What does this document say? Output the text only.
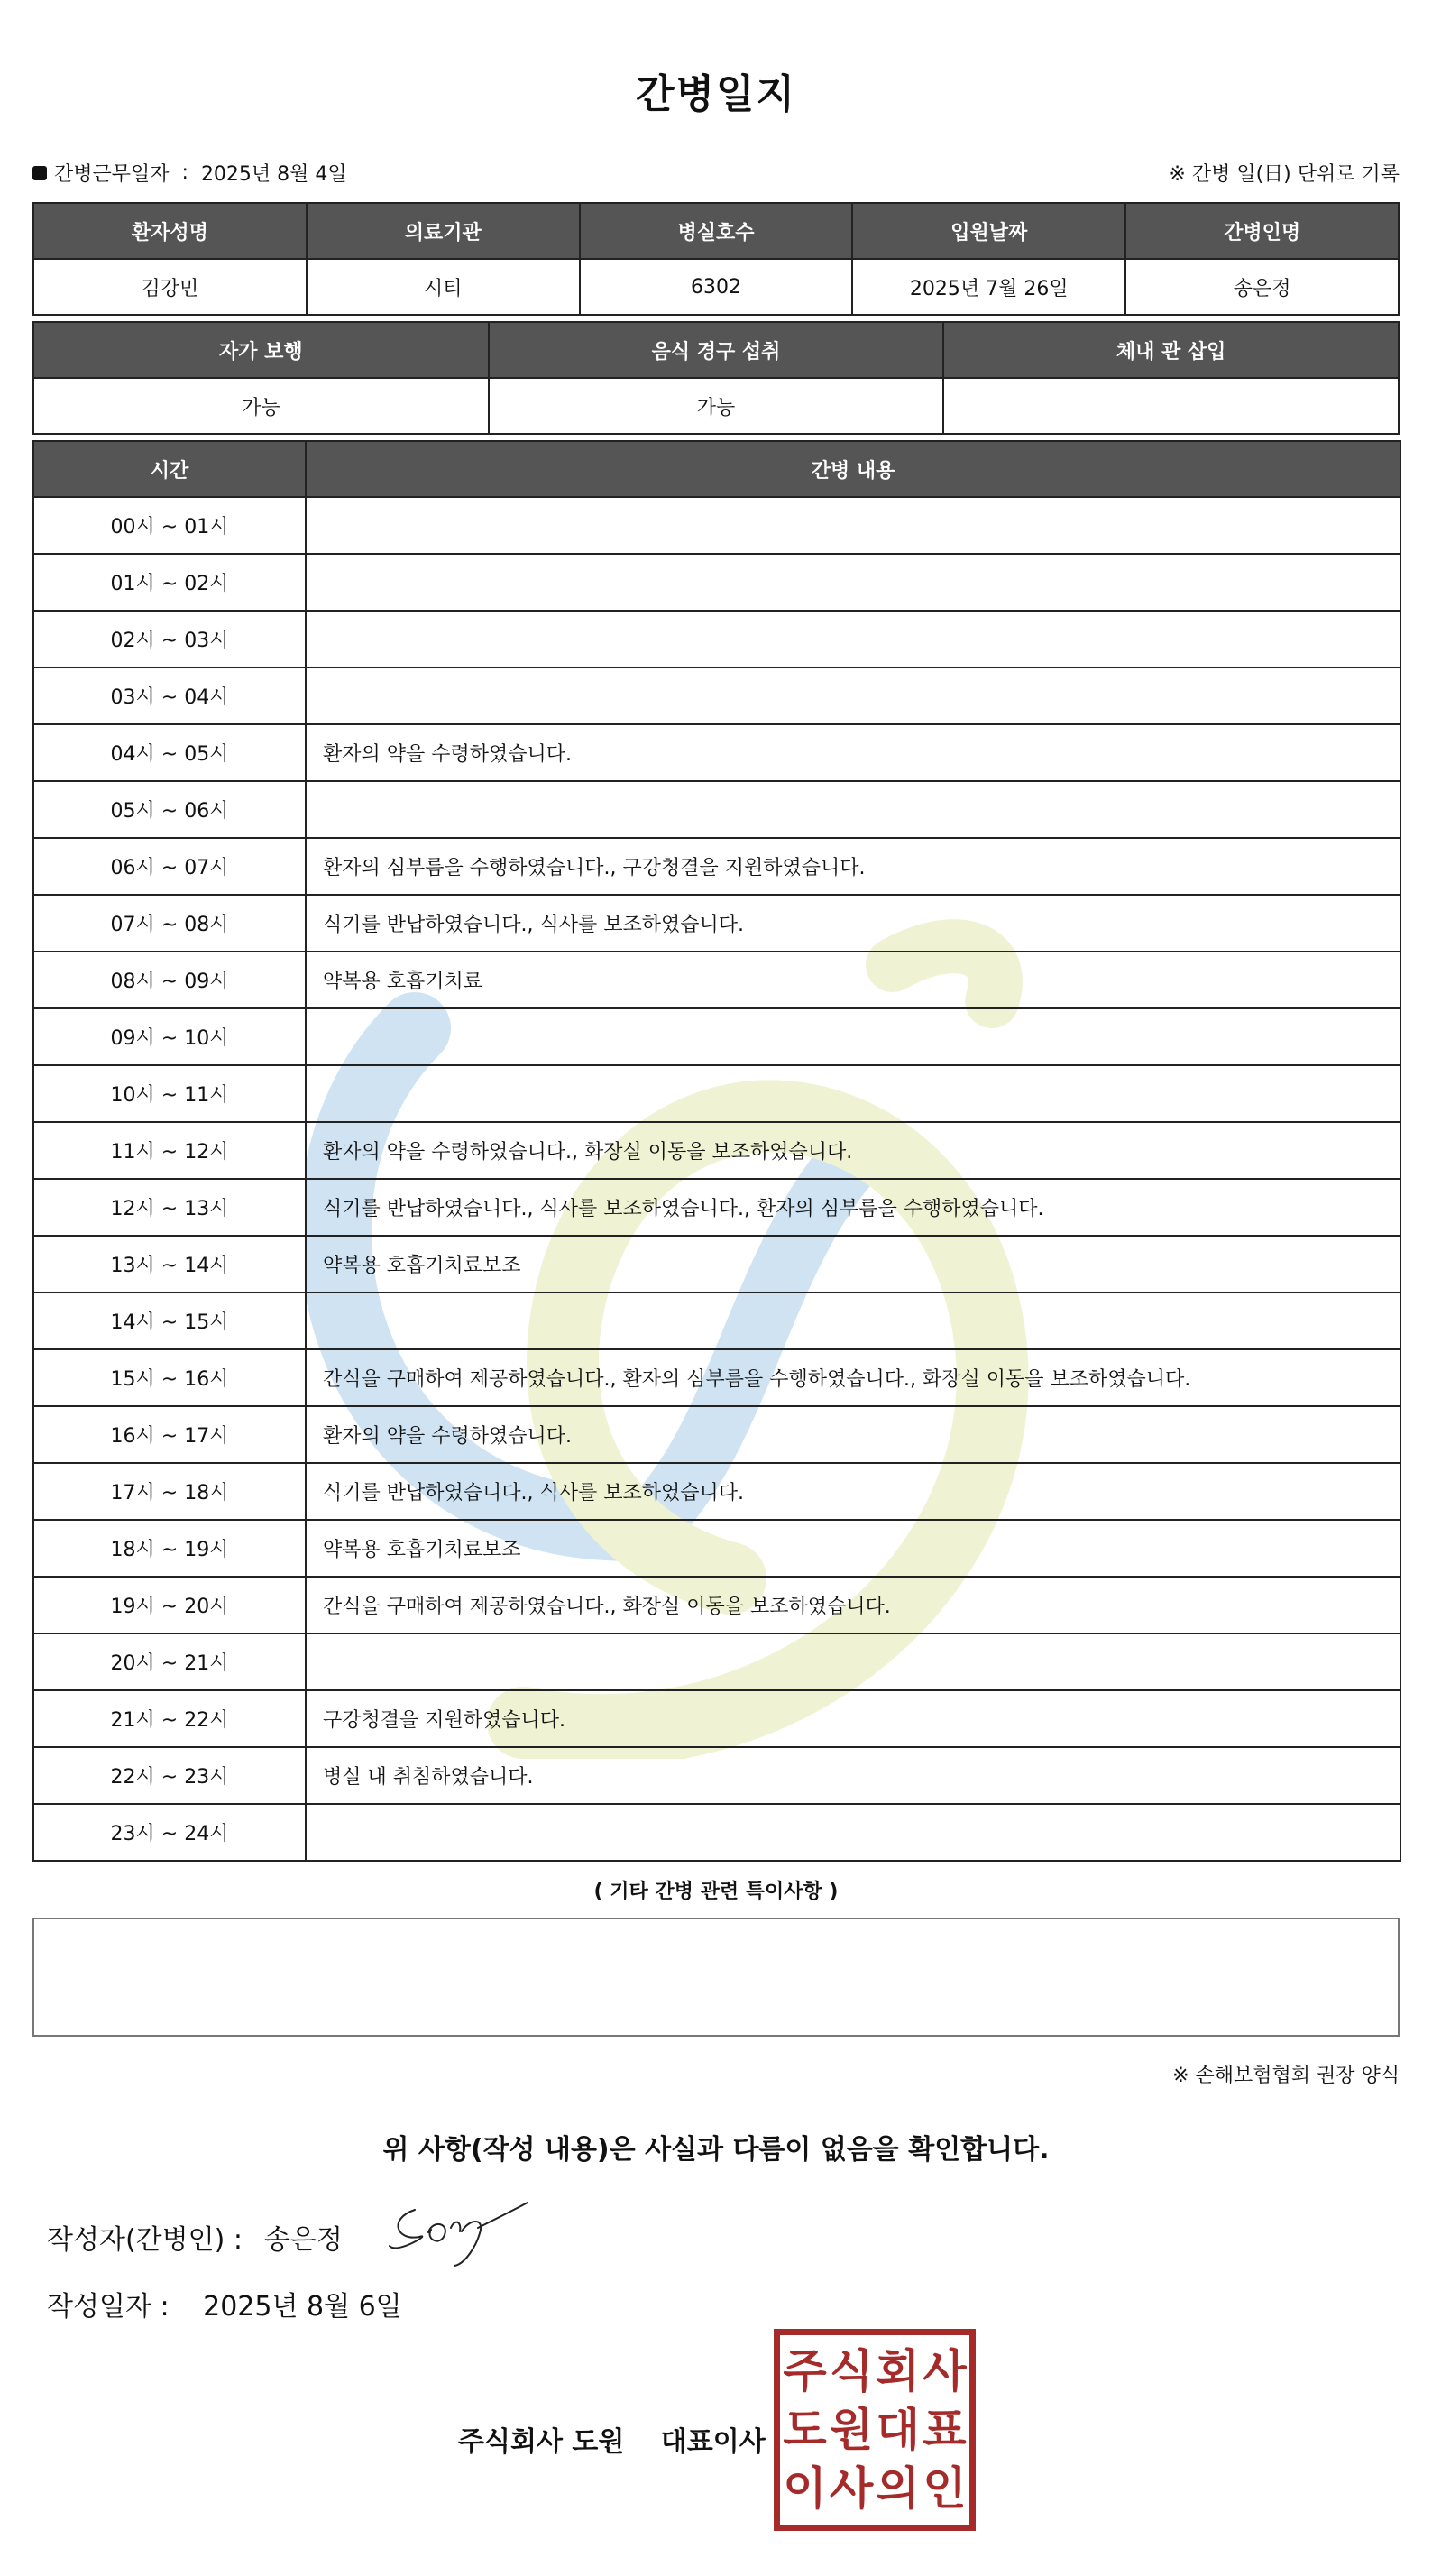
간병일지
간병근무일자 : 2025년 8월 4일	※ 간병 일(日) 단위로 기록
환자성명	의료기관	병실호수	입원날짜	간병인명
김강민	시티	6302	2025년 7월 26일	송은정
자가 보행	음식 경구 섭취	체내 관 삽입
가능	가능	
시간	간병 내용
00시 ~ 01시	
01시 ~ 02시	
02시 ~ 03시	
03시 ~ 04시	
04시 ~ 05시	환자의 약을 수령하였습니다.
05시 ~ 06시	
06시 ~ 07시	환자의 심부름을 수행하였습니다., 구강청결을 지원하였습니다.
07시 ~ 08시	식기를 반납하였습니다., 식사를 보조하였습니다.
08시 ~ 09시	약복용 호흡기치료
09시 ~ 10시	
10시 ~ 11시	
11시 ~ 12시	환자의 약을 수령하였습니다., 화장실 이동을 보조하였습니다.
12시 ~ 13시	식기를 반납하였습니다., 식사를 보조하였습니다., 환자의 심부름을 수행하였습니다.
13시 ~ 14시	약복용 호흡기치료보조
14시 ~ 15시	
15시 ~ 16시	간식을 구매하여 제공하였습니다., 환자의 심부름을 수행하였습니다., 화장실 이동을 보조하였습니다.
16시 ~ 17시	환자의 약을 수령하였습니다.
17시 ~ 18시	식기를 반납하였습니다., 식사를 보조하였습니다.
18시 ~ 19시	약복용 호흡기치료보조
19시 ~ 20시	간식을 구매하여 제공하였습니다., 화장실 이동을 보조하였습니다.
20시 ~ 21시	
21시 ~ 22시	구강청결을 지원하였습니다.
22시 ~ 23시	병실 내 취침하였습니다.
23시 ~ 24시	
( 기타 간병 관련 특이사항 )
※ 손해보험협회 권장 양식
위 사항(작성 내용)은 사실과 다름이 없음을 확인합니다.
작성자(간병인) : 송은정
작성일자 : 2025년 8월 6일
주식회사 도원 대표이사
주 식 회 사
도 원 대 표
이 사 의 인
